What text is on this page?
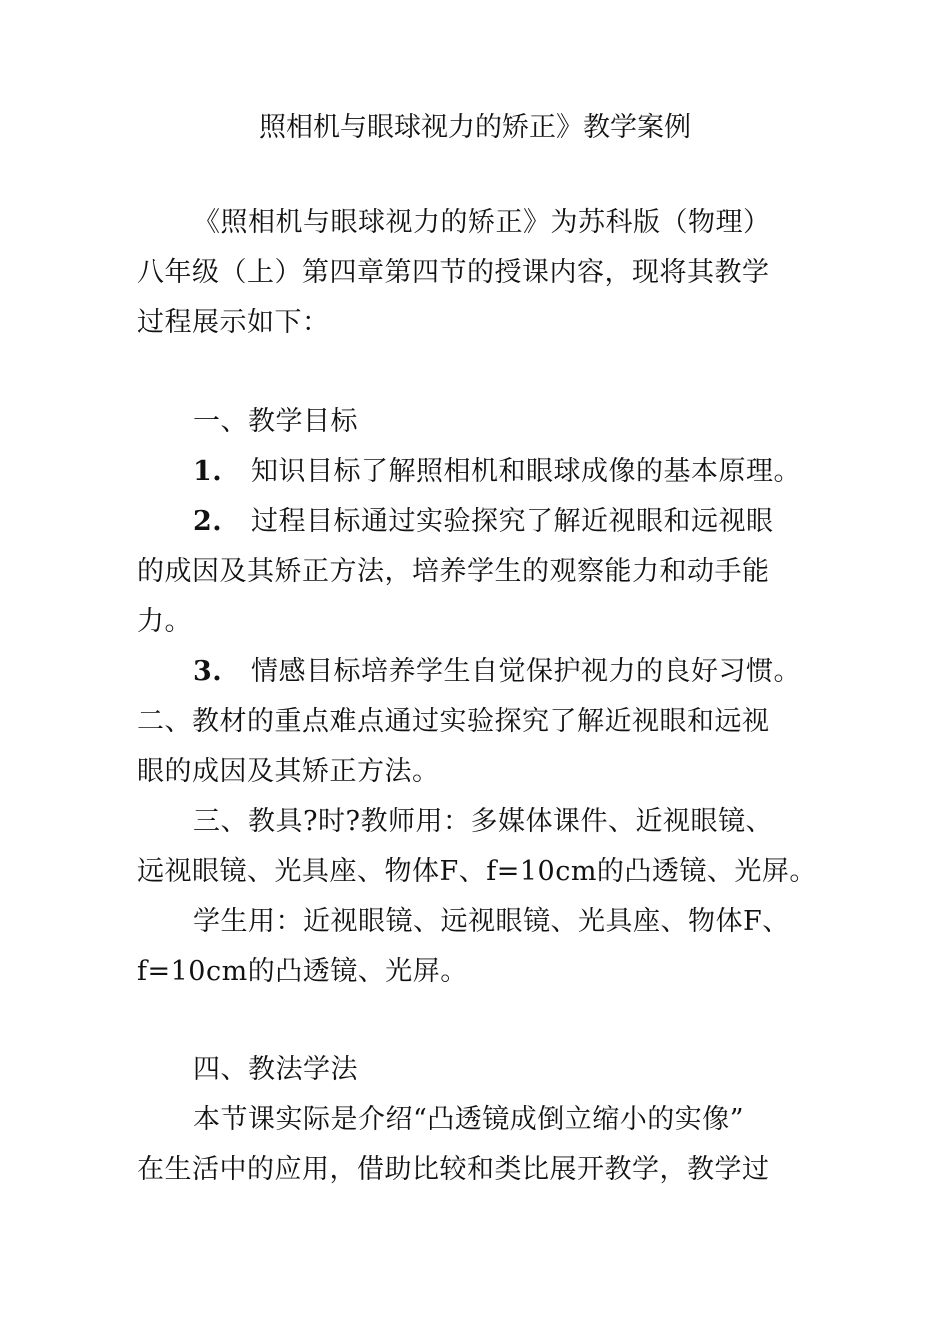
照相机与眼球视力的矫正》教学案例
《照相机与眼球视力的矫正》为苏科版（物理）
八年级（上）第四章第四节的授课内容，现将其教学
过程展示如下：
一、教学目标
1. 知识目标了解照相机和眼球成像的基本原理。
2. 过程目标通过实验探究了解近视眼和远视眼
的成因及其矫正方法，培养学生的观察能力和动手能
力。
3. 情感目标培养学生自觉保护视力的良好习惯。
二、教材的重点难点通过实验探究了解近视眼和远视
眼的成因及其矫正方法。
三、教具?时?教师用：多媒体课件、近视眼镜、
远视眼镜、光具座、物体F、f=10cm的凸透镜、光屏。
学生用：近视眼镜、远视眼镜、光具座、物体F、
f=10cm的凸透镜、光屏。
四、教法学法
本节课实际是介绍“凸透镜成倒立缩小的实像”
在生活中的应用，借助比较和类比展开教学，教学过
